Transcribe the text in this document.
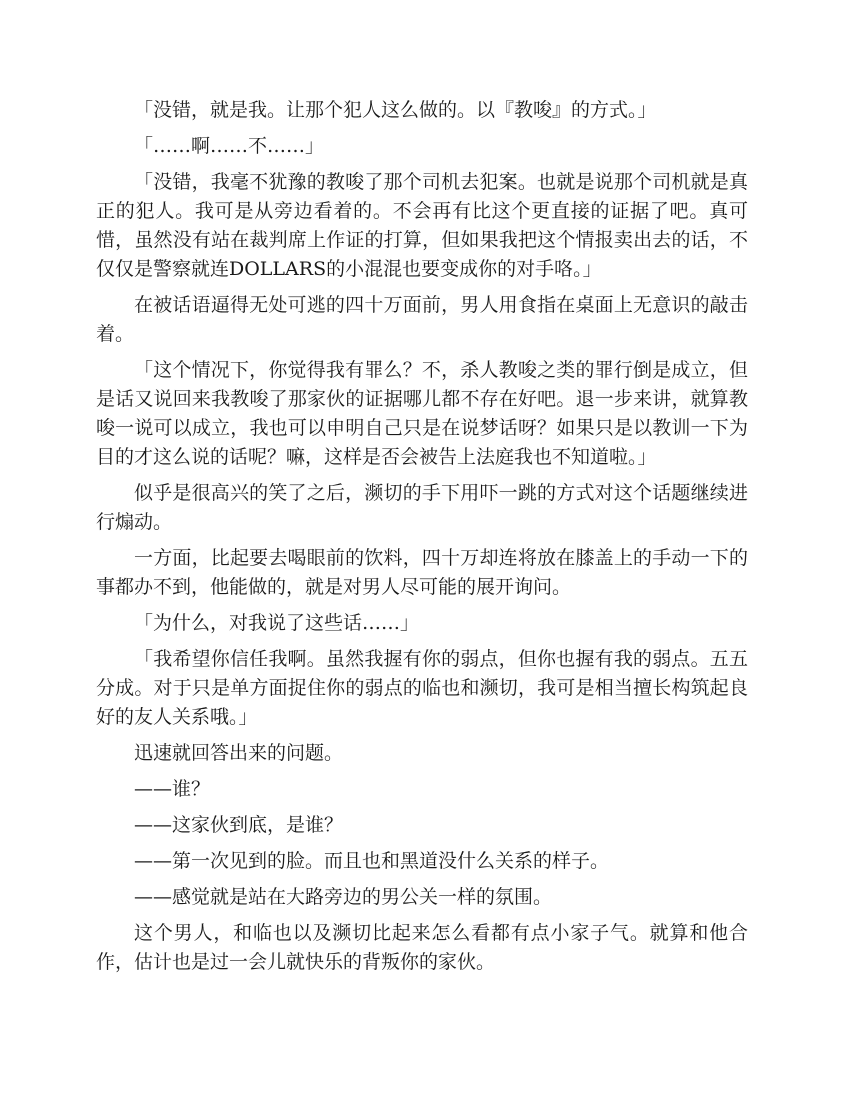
「没错，就是我。让那个犯人这么做的。以『教唆』的方式。」

「……啊……不……」

「没错，我毫不犹豫的教唆了那个司机去犯案。也就是说那个司机就是真正的犯人。我可是从旁边看着的。不会再有比这个更直接的证据了吧。真可惜，虽然没有站在裁判席上作证的打算，但如果我把这个情报卖出去的话，不仅仅是警察就连DOLLARS的小混混也要变成你的对手咯。」

在被话语逼得无处可逃的四十万面前，男人用食指在桌面上无意识的敲击着。

「这个情况下，你觉得我有罪么？不，杀人教唆之类的罪行倒是成立，但是话又说回来我教唆了那家伙的证据哪儿都不存在好吧。退一步来讲，就算教唆一说可以成立，我也可以申明自己只是在说梦话呀？如果只是以教训一下为目的才这么说的话呢？嘛，这样是否会被告上法庭我也不知道啦。」

似乎是很高兴的笑了之后，濒切的手下用吓一跳的方式对这个话题继续进行煽动。

一方面，比起要去喝眼前的饮料，四十万却连将放在膝盖上的手动一下的事都办不到，他能做的，就是对男人尽可能的展开询问。

「为什么，对我说了这些话……」

「我希望你信任我啊。虽然我握有你的弱点，但你也握有我的弱点。五五分成。对于只是单方面捉住你的弱点的临也和濒切，我可是相当擅长构筑起良好的友人关系哦。」

迅速就回答出来的问题。

——谁？

——这家伙到底，是谁？

——第一次见到的脸。而且也和黑道没什么关系的样子。

——感觉就是站在大路旁边的男公关一样的氛围。

这个男人，和临也以及濒切比起来怎么看都有点小家子气。就算和他合作，估计也是过一会儿就快乐的背叛你的家伙。
